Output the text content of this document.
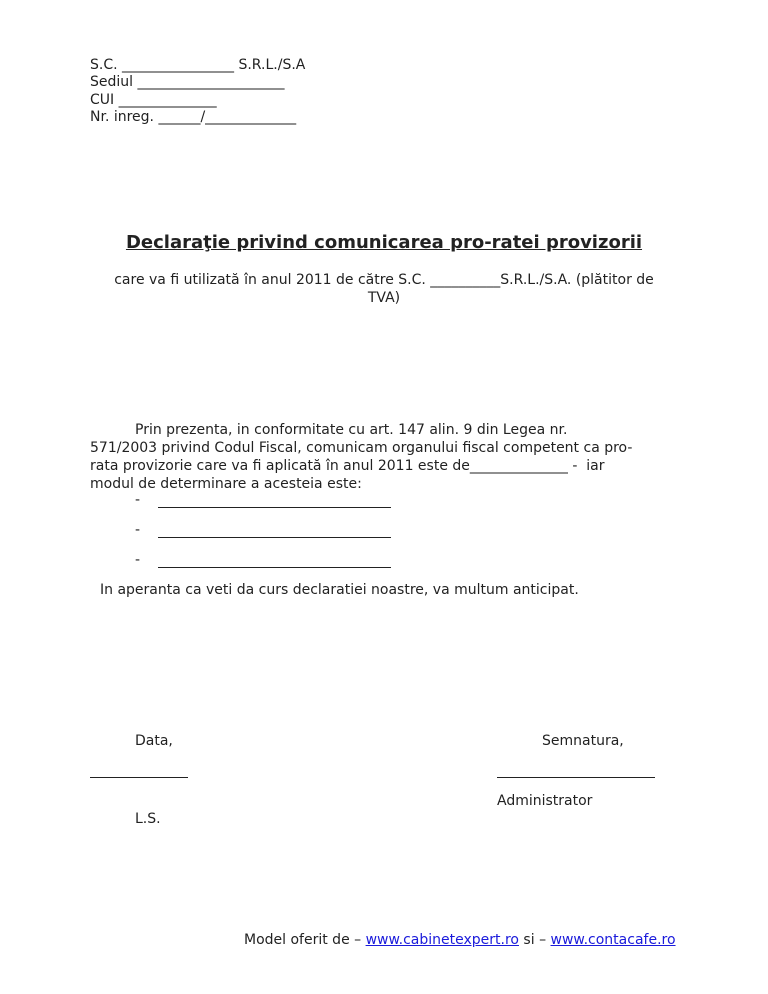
S.C. ________________ S.R.L./S.A
Sediul _____________________
CUI ______________
Nr. inreg. ______/_____________
Declaraţie privind comunicarea pro-ratei provizorii
care va fi utilizată în anul 2011 de către S.C. __________S.R.L./S.A. (plătitor de
TVA)
Prin prezenta, in conformitate cu art. 147 alin. 9 din Legea nr.
571/2003 privind Codul Fiscal, comunicam organului fiscal competent ca pro-
rata provizorie care va fi aplicată în anul 2011 este de______________ -  iar
modul de determinare a acesteia este:
-
-
-
In aperanta ca veti da curs declaratiei noastre, va multum anticipat.
Data,	Semnatura,
Administrator
L.S.
Model oferit de – www.cabinetexpert.ro si – www.contacafe.ro
